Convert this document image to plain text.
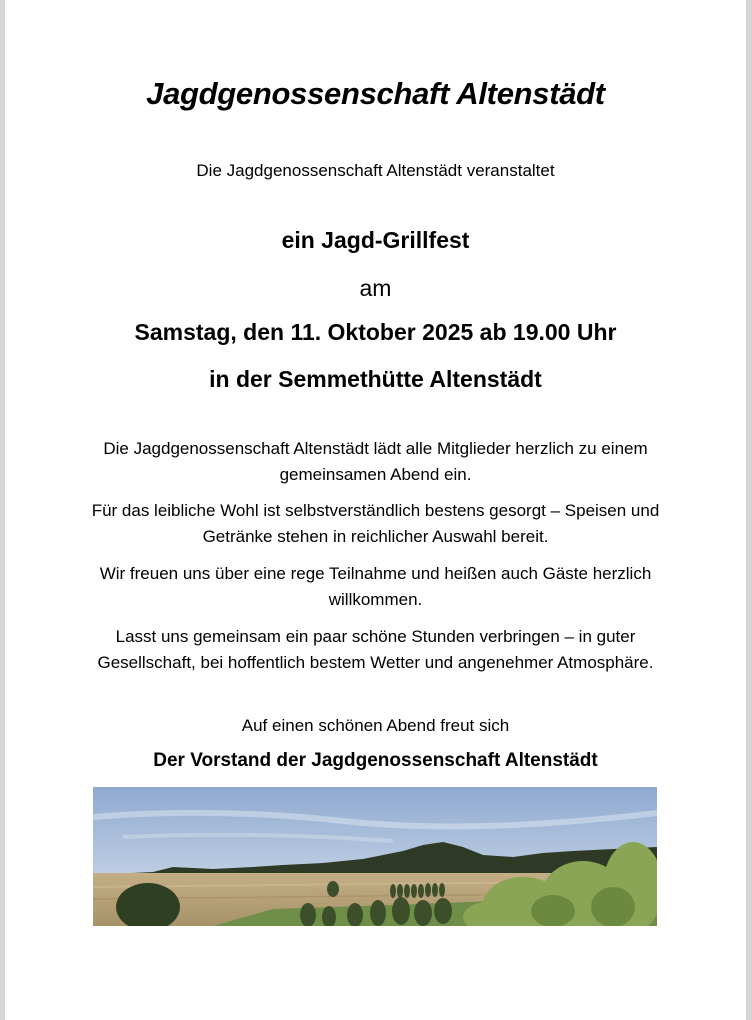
Jagdgenossenschaft Altenstädt
Die Jagdgenossenschaft Altenstädt veranstaltet
ein Jagd-Grillfest
am
Samstag, den 11. Oktober 2025 ab 19.00 Uhr
in der Semmethütte Altenstädt
Die Jagdgenossenschaft Altenstädt lädt alle Mitglieder herzlich zu einem gemeinsamen Abend ein.
Für das leibliche Wohl ist selbstverständlich bestens gesorgt – Speisen und Getränke stehen in reichlicher Auswahl bereit.
Wir freuen uns über eine rege Teilnahme und heißen auch Gäste herzlich willkommen.
Lasst uns gemeinsam ein paar schöne Stunden verbringen – in guter Gesellschaft, bei hoffentlich bestem Wetter und angenehmer Atmosphäre.
Auf einen schönen Abend freut sich
Der Vorstand der Jagdgenossenschaft Altenstädt
